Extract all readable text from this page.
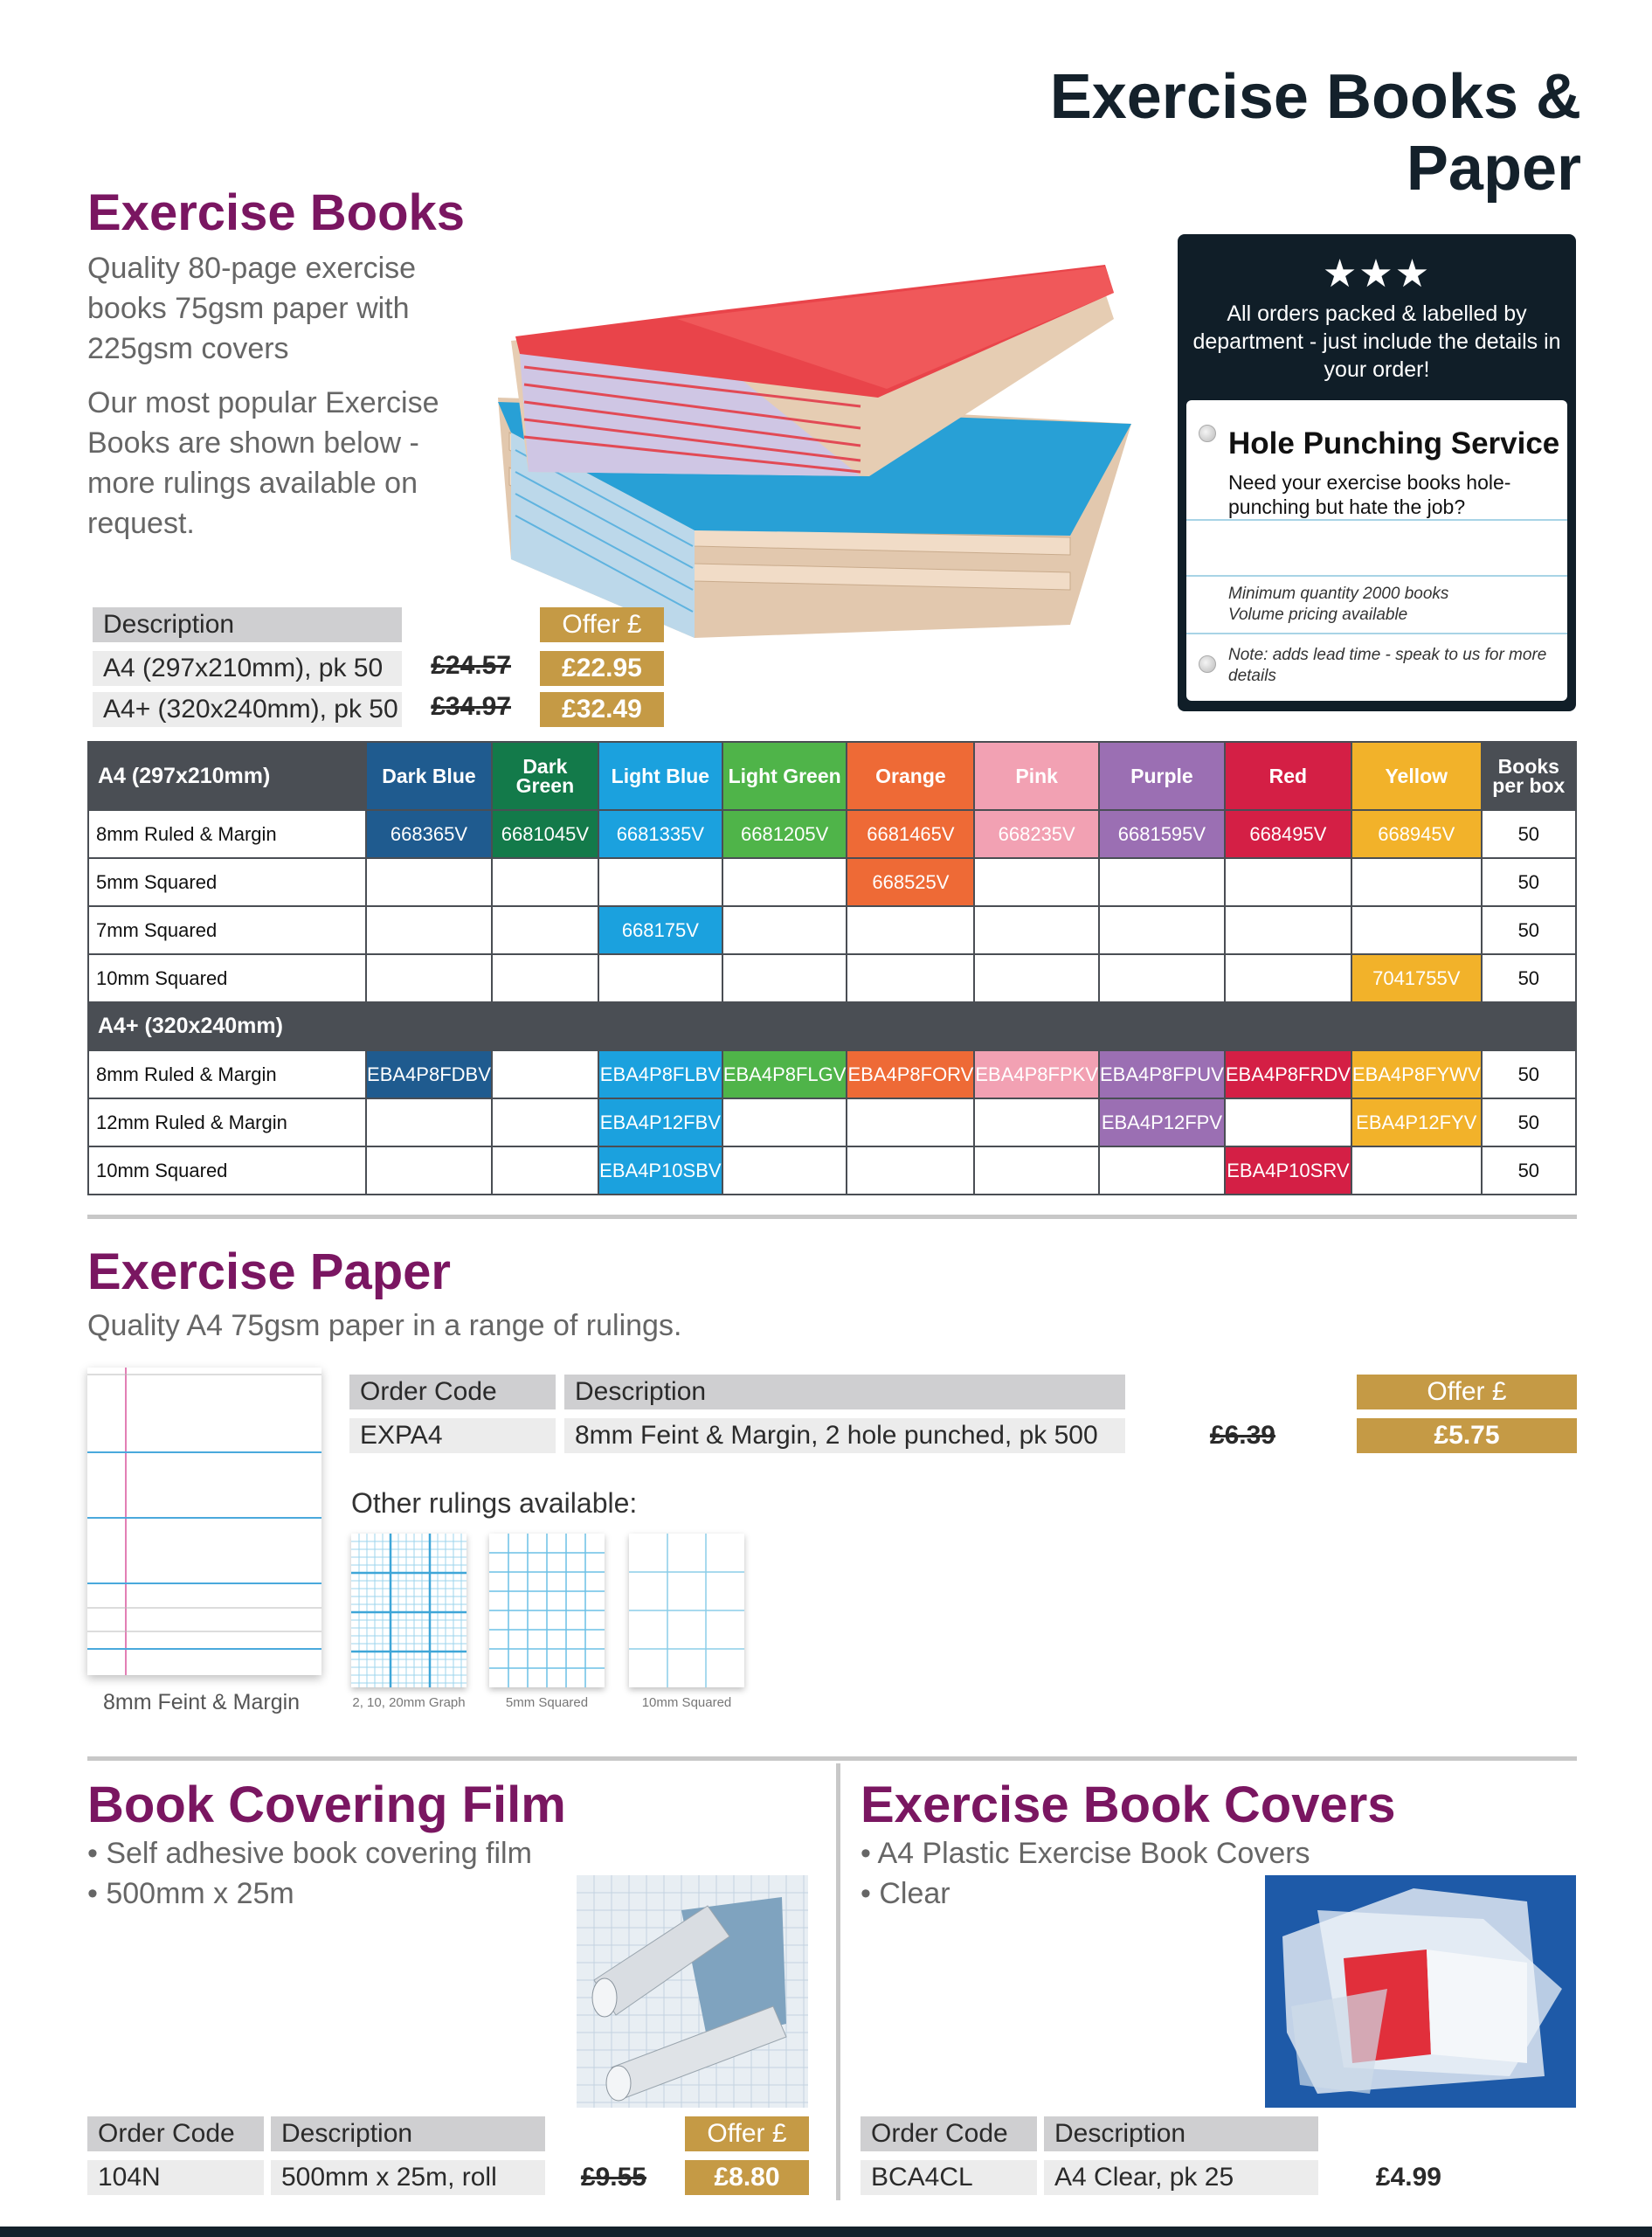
Exercise Books & Paper
Exercise Books
Quality 80-page exercise books 75gsm paper with 225gsm covers
Our most popular Exercise Books are shown below - more rulings available on request.
★★★
All orders packed & labelled by department - just include the details in your order!
Hole Punching Service
Need your exercise books hole-punching but hate the job?
Minimum quantity 2000 books
Volume pricing available
Note: adds lead time - speak to us for more details
Description	Offer £
A4 (297x210mm), pk 50	£24.57	£22.95
A4+ (320x240mm), pk 50	£34.97	£32.49
A4 (297x210mm)	Dark Blue	Dark Green	Light Blue	Light Green	Orange	Pink	Purple	Red	Yellow	Books per box
8mm Ruled & Margin	668365V	6681045V	6681335V	6681205V	6681465V	668235V	6681595V	668495V	668945V	50
5mm Squared					668525V					50
7mm Squared			668175V							50
10mm Squared									7041755V	50
A4+ (320x240mm)										
8mm Ruled & Margin	EBA4P8FDBV		EBA4P8FLBV	EBA4P8FLGV	EBA4P8FORV	EBA4P8FPKV	EBA4P8FPUV	EBA4P8FRDV	EBA4P8FYWV	50
12mm Ruled & Margin			EBA4P12FBV				EBA4P12FPV		EBA4P12FYV	50
10mm Squared			EBA4P10SBV					EBA4P10SRV		50
Exercise Paper
Quality A4 75gsm paper in a range of rulings.
8mm Feint & Margin
Order Code	Description	Offer £
EXPA4	8mm Feint & Margin, 2 hole punched, pk 500	£6.39	£5.75
Other rulings available:
2, 10, 20mm Graph	5mm Squared	10mm Squared
Book Covering Film
• Self adhesive book covering film
• 500mm x 25m
Order Code	Description	Offer £
104N	500mm x 25m, roll	£9.55	£8.80
Exercise Book Covers
• A4 Plastic Exercise Book Covers
• Clear
Order Code	Description
BCA4CL	A4 Clear, pk 25	£4.99
